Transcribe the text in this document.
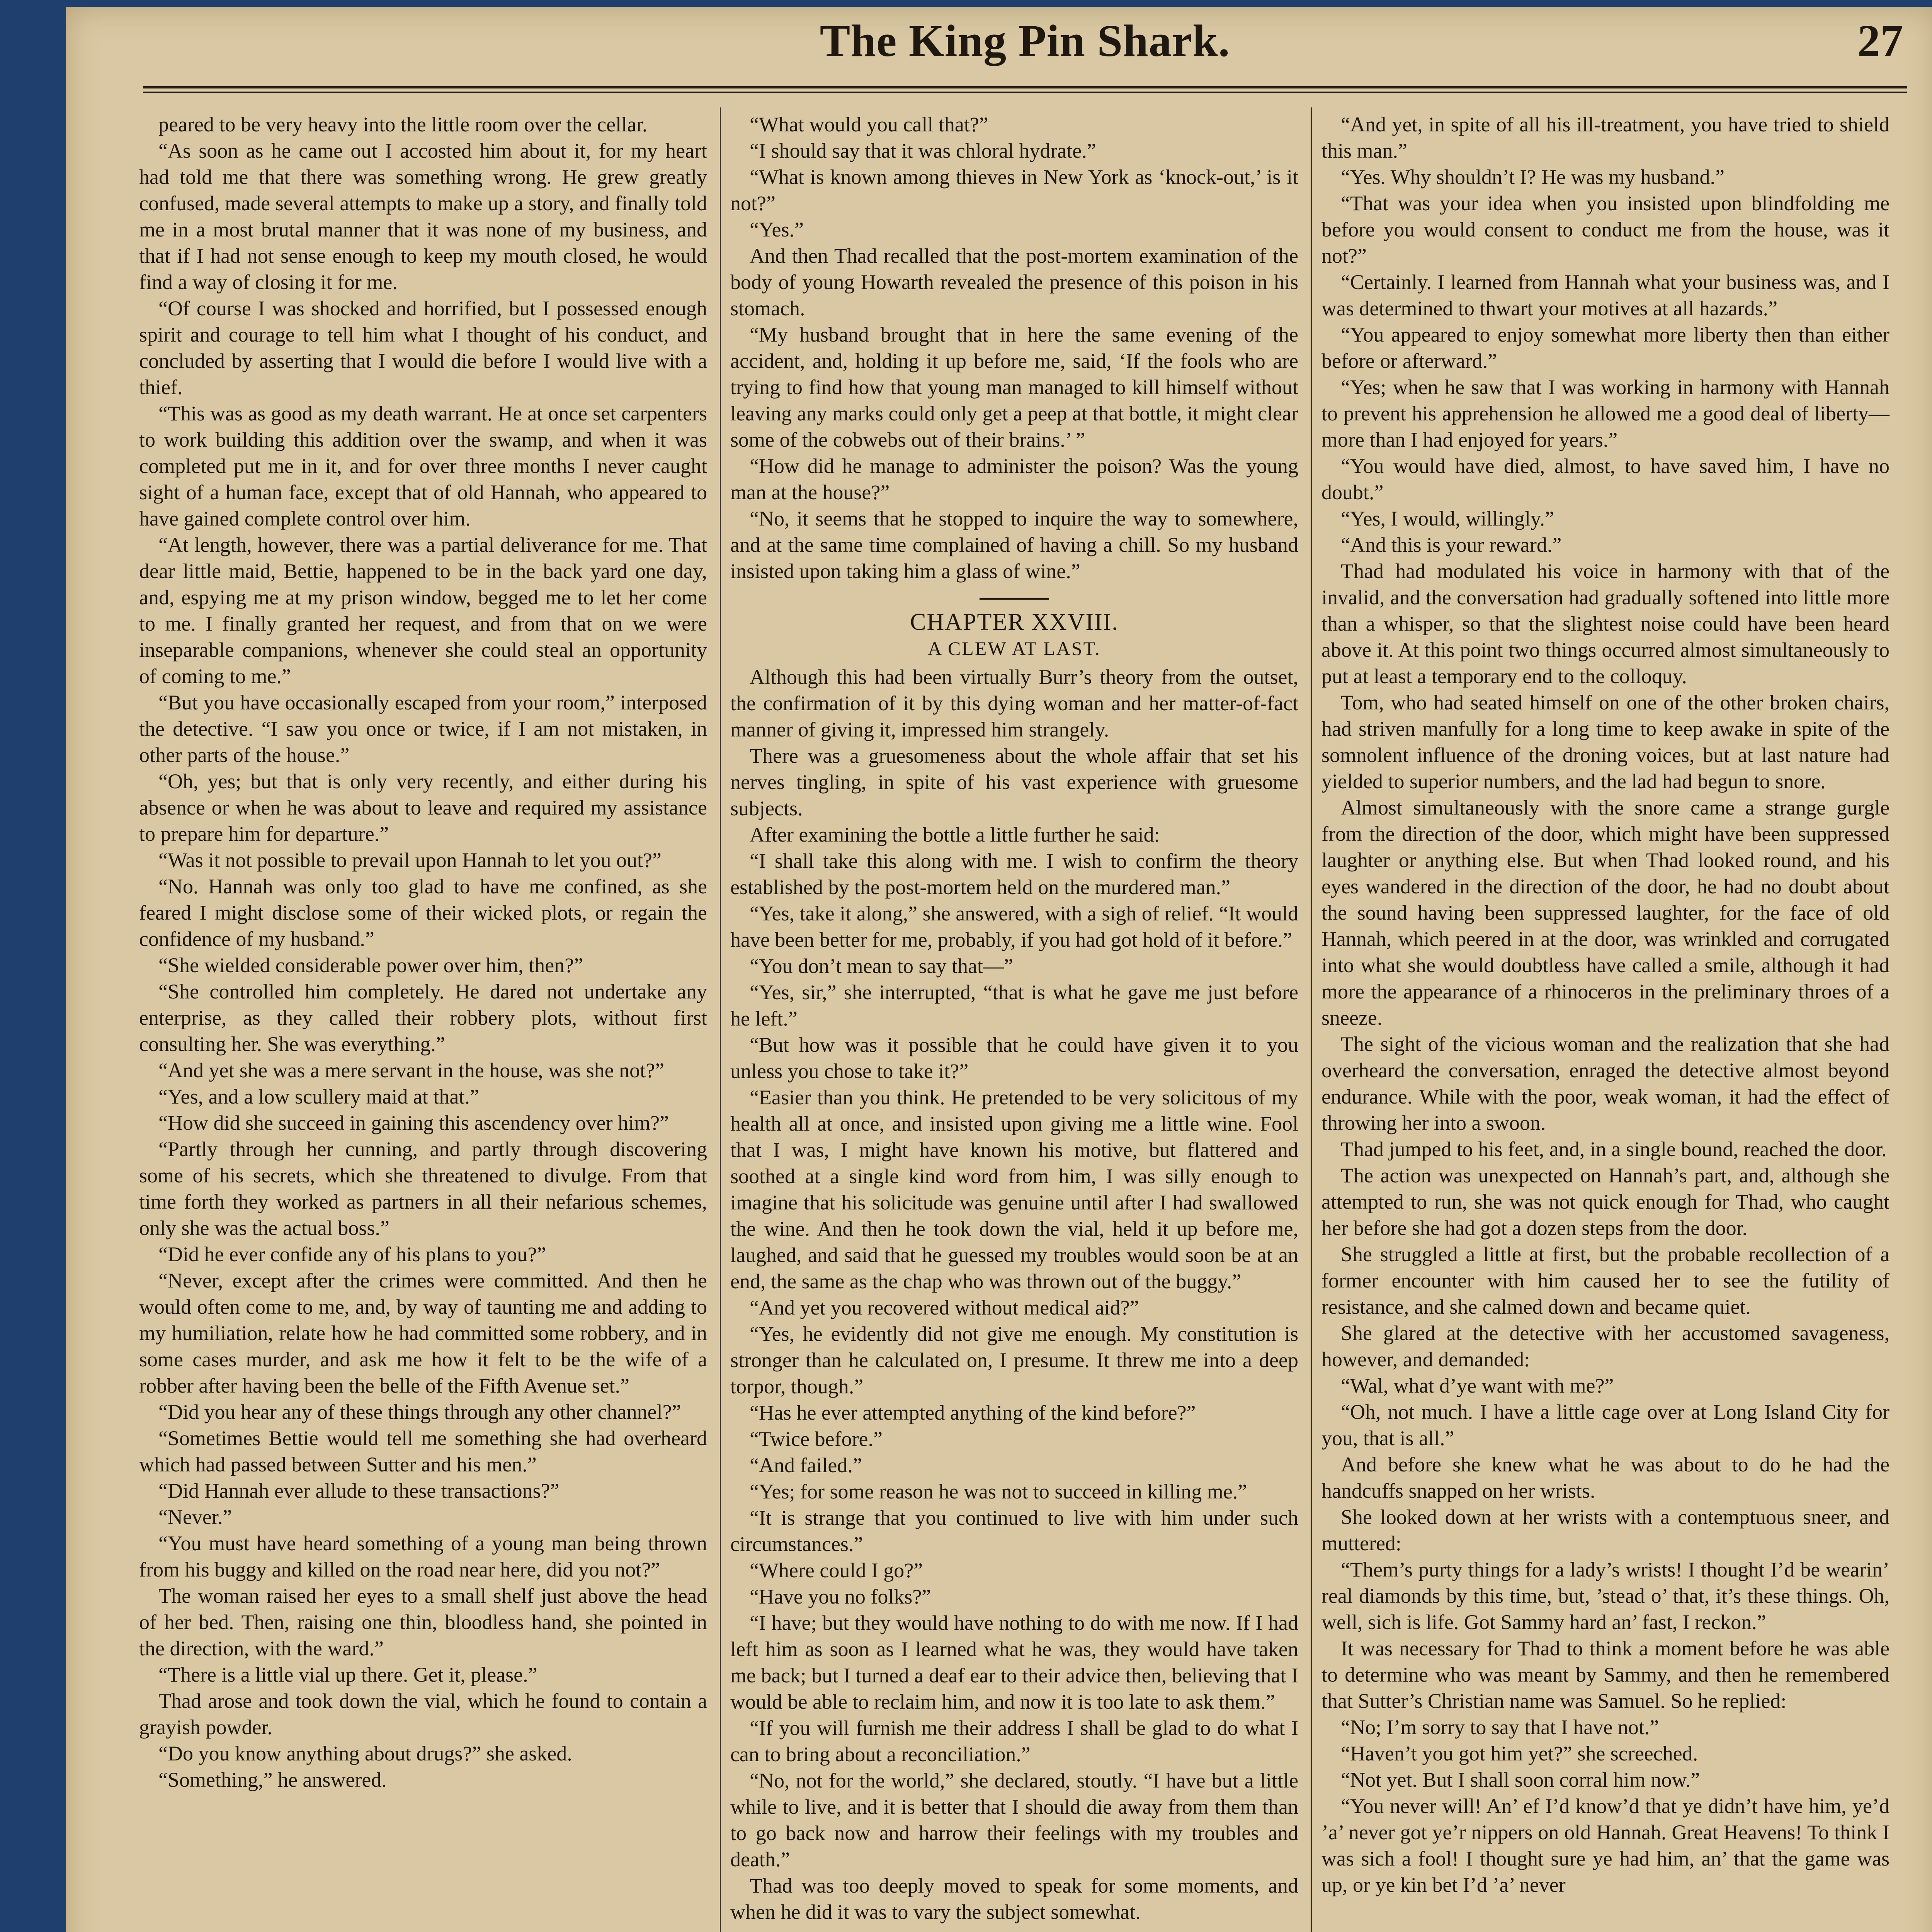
The King Pin Shark.	27

peared to be very heavy into the little room over the cellar.

“As soon as he came out I accosted him about it, for my heart had told me that there was something wrong. He grew greatly confused, made several attempts to make up a story, and finally told me in a most brutal manner that it was none of my business, and that if I had not sense enough to keep my mouth closed, he would find a way of closing it for me.

“Of course I was shocked and horrified, but I possessed enough spirit and courage to tell him what I thought of his conduct, and concluded by asserting that I would die before I would live with a thief.

“This was as good as my death warrant. He at once set carpenters to work building this addition over the swamp, and when it was completed put me in it, and for over three months I never caught sight of a human face, except that of old Hannah, who appeared to have gained complete control over him.

“At length, however, there was a partial deliverance for me. That dear little maid, Bettie, happened to be in the back yard one day, and, espying me at my prison window, begged me to let her come to me. I finally granted her request, and from that on we were inseparable companions, whenever she could steal an opportunity of coming to me.”

“But you have occasionally escaped from your room,” interposed the detective. “I saw you once or twice, if I am not mistaken, in other parts of the house.”

“Oh, yes; but that is only very recently, and either during his absence or when he was about to leave and required my assistance to prepare him for departure.”

“Was it not possible to prevail upon Hannah to let you out?”

“No. Hannah was only too glad to have me confined, as she feared I might disclose some of their wicked plots, or regain the confidence of my husband.”

“She wielded considerable power over him, then?”

“She controlled him completely. He dared not undertake any enterprise, as they called their robbery plots, without first consulting her. She was everything.”

“And yet she was a mere servant in the house, was she not?”

“Yes, and a low scullery maid at that.”

“How did she succeed in gaining this ascendency over him?”

“Partly through her cunning, and partly through discovering some of his secrets, which she threatened to divulge. From that time forth they worked as partners in all their nefarious schemes, only she was the actual boss.”

“Did he ever confide any of his plans to you?”

“Never, except after the crimes were committed. And then he would often come to me, and, by way of taunting me and adding to my humiliation, relate how he had committed some robbery, and in some cases murder, and ask me how it felt to be the wife of a robber after having been the belle of the Fifth Avenue set.”

“Did you hear any of these things through any other channel?”

“Sometimes Bettie would tell me something she had overheard which had passed between Sutter and his men.”

“Did Hannah ever allude to these transactions?”

“Never.”

“You must have heard something of a young man being thrown from his buggy and killed on the road near here, did you not?”

The woman raised her eyes to a small shelf just above the head of her bed. Then, raising one thin, bloodless hand, she pointed in the direction, with the ward.”

“There is a little vial up there. Get it, please.”

Thad arose and took down the vial, which he found to contain a grayish powder.

“Do you know anything about drugs?” she asked.

“Something,” he answered.

“What would you call that?”

“I should say that it was chloral hydrate.”

“What is known among thieves in New York as ‘knock-out,’ is it not?”

“Yes.”

And then Thad recalled that the post-mortem examination of the body of young Howarth revealed the presence of this poison in his stomach.

“My husband brought that in here the same evening of the accident, and, holding it up before me, said, ‘If the fools who are trying to find how that young man managed to kill himself without leaving any marks could only get a peep at that bottle, it might clear some of the cobwebs out of their brains.’ ”

“How did he manage to administer the poison? Was the young man at the house?”

“No, it seems that he stopped to inquire the way to somewhere, and at the same time complained of having a chill. So my husband insisted upon taking him a glass of wine.”

CHAPTER XXVIII.
A CLEW AT LAST.

Although this had been virtually Burr’s theory from the outset, the confirmation of it by this dying woman and her matter-of-fact manner of giving it, impressed him strangely.

There was a gruesomeness about the whole affair that set his nerves tingling, in spite of his vast experience with gruesome subjects.

After examining the bottle a little further he said:

“I shall take this along with me. I wish to confirm the theory established by the post-mortem held on the murdered man.”

“Yes, take it along,” she answered, with a sigh of relief. “It would have been better for me, probably, if you had got hold of it before.”

“You don’t mean to say that—”

“Yes, sir,” she interrupted, “that is what he gave me just before he left.”

“But how was it possible that he could have given it to you unless you chose to take it?”

“Easier than you think. He pretended to be very solicitous of my health all at once, and insisted upon giving me a little wine. Fool that I was, I might have known his motive, but flattered and soothed at a single kind word from him, I was silly enough to imagine that his solicitude was genuine until after I had swallowed the wine. And then he took down the vial, held it up before me, laughed, and said that he guessed my troubles would soon be at an end, the same as the chap who was thrown out of the buggy.”

“And yet you recovered without medical aid?”

“Yes, he evidently did not give me enough. My constitution is stronger than he calculated on, I presume. It threw me into a deep torpor, though.”

“Has he ever attempted anything of the kind before?”

“Twice before.”

“And failed.”

“Yes; for some reason he was not to succeed in killing me.”

“It is strange that you continued to live with him under such circumstances.”

“Where could I go?”

“Have you no folks?”

“I have; but they would have nothing to do with me now. If I had left him as soon as I learned what he was, they would have taken me back; but I turned a deaf ear to their advice then, believing that I would be able to reclaim him, and now it is too late to ask them.”

“If you will furnish me their address I shall be glad to do what I can to bring about a reconciliation.”

“No, not for the world,” she declared, stoutly. “I have but a little while to live, and it is better that I should die away from them than to go back now and harrow their feelings with my troubles and death.”

Thad was too deeply moved to speak for some moments, and when he did it was to vary the subject somewhat.

“And yet, in spite of all his ill-treatment, you have tried to shield this man.”

“Yes. Why shouldn’t I? He was my husband.”

“That was your idea when you insisted upon blindfolding me before you would consent to conduct me from the house, was it not?”

“Certainly. I learned from Hannah what your business was, and I was determined to thwart your motives at all hazards.”

“You appeared to enjoy somewhat more liberty then than either before or afterward.”

“Yes; when he saw that I was working in harmony with Hannah to prevent his apprehension he allowed me a good deal of liberty—more than I had enjoyed for years.”

“You would have died, almost, to have saved him, I have no doubt.”

“Yes, I would, willingly.”

“And this is your reward.”

Thad had modulated his voice in harmony with that of the invalid, and the conversation had gradually softened into little more than a whisper, so that the slightest noise could have been heard above it. At this point two things occurred almost simultaneously to put at least a temporary end to the colloquy.

Tom, who had seated himself on one of the other broken chairs, had striven manfully for a long time to keep awake in spite of the somnolent influence of the droning voices, but at last nature had yielded to superior numbers, and the lad had begun to snore.

Almost simultaneously with the snore came a strange gurgle from the direction of the door, which might have been suppressed laughter or anything else. But when Thad looked round, and his eyes wandered in the direction of the door, he had no doubt about the sound having been suppressed laughter, for the face of old Hannah, which peered in at the door, was wrinkled and corrugated into what she would doubtless have called a smile, although it had more the appearance of a rhinoceros in the preliminary throes of a sneeze.

The sight of the vicious woman and the realization that she had overheard the conversation, enraged the detective almost beyond endurance. While with the poor, weak woman, it had the effect of throwing her into a swoon.

Thad jumped to his feet, and, in a single bound, reached the door.

The action was unexpected on Hannah’s part, and, although she attempted to run, she was not quick enough for Thad, who caught her before she had got a dozen steps from the door.

She struggled a little at first, but the probable recollection of a former encounter with him caused her to see the futility of resistance, and she calmed down and became quiet.

She glared at the detective with her accustomed savageness, however, and demanded:

“Wal, what d’ye want with me?”

“Oh, not much. I have a little cage over at Long Island City for you, that is all.”

And before she knew what he was about to do he had the handcuffs snapped on her wrists.

She looked down at her wrists with a contemptuous sneer, and muttered:

“Them’s purty things for a lady’s wrists! I thought I’d be wearin’ real diamonds by this time, but, ’stead o’ that, it’s these things. Oh, well, sich is life. Got Sammy hard an’ fast, I reckon.”

It was necessary for Thad to think a moment before he was able to determine who was meant by Sammy, and then he remembered that Sutter’s Christian name was Samuel. So he replied:

“No; I’m sorry to say that I have not.”

“Haven’t you got him yet?” she screeched.

“Not yet. But I shall soon corral him now.”

“You never will! An’ ef I’d know’d that ye didn’t have him, ye’d ’a’ never got ye’r nippers on old Hannah. Great Heavens! To think I was sich a fool! I thought sure ye had him, an’ that the game was up, or ye kin bet I’d ’a’ never
